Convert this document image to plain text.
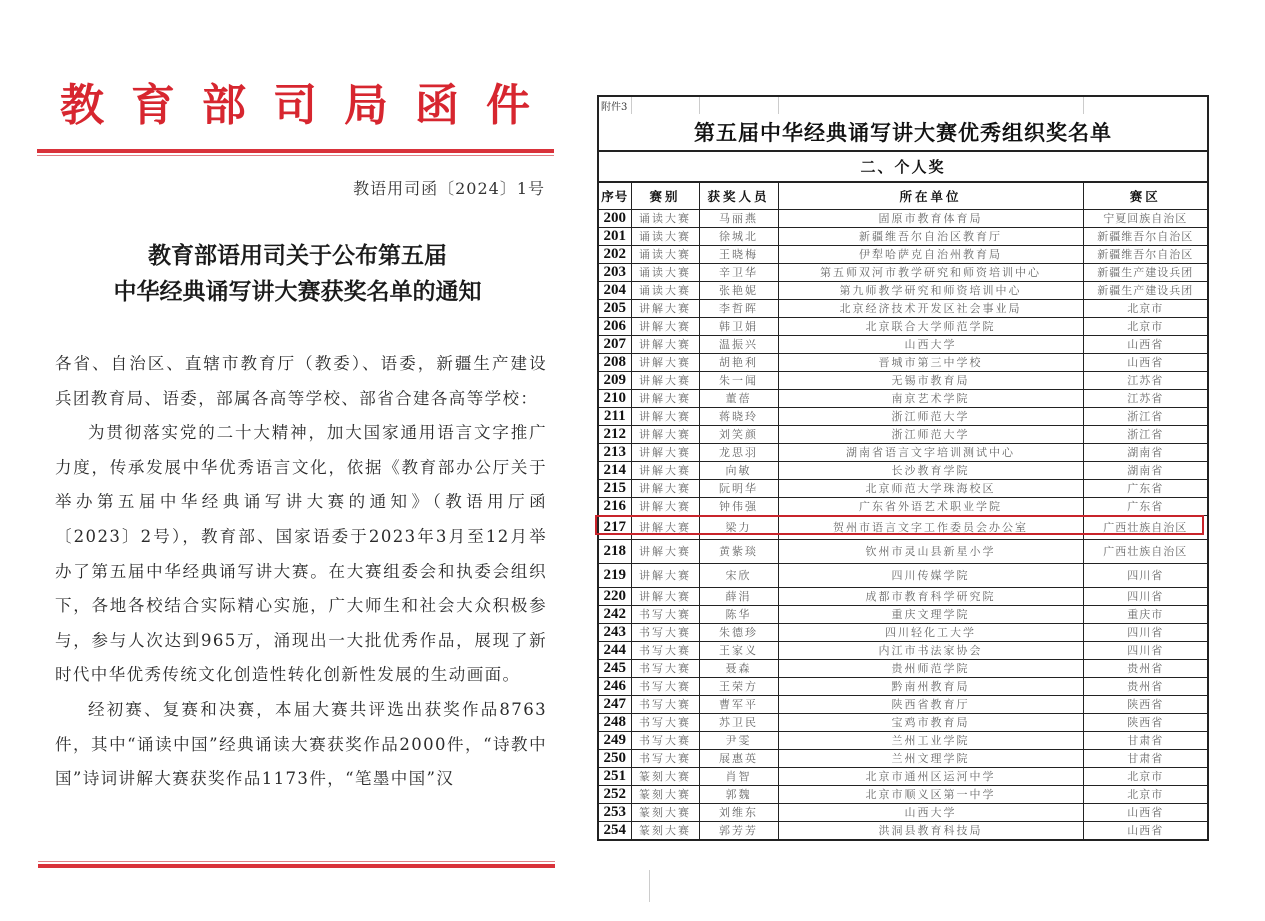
教育部司局函件
教语用司函〔2024〕1号
教育部语用司关于公布第五届
中华经典诵写讲大赛获奖名单的通知

各省、自治区、直辖市教育厅（教委）、语委，新疆生产建设兵团教育局、语委，部属各高等学校、部省合建各高等学校：

为贯彻落实党的二十大精神，加大国家通用语言文字推广力度，传承发展中华优秀语言文化，依据《教育部办公厅关于举办第五届中华经典诵写讲大赛的通知》（教语用厅函〔2023〕2号），教育部、国家语委于2023年3月至12月举办了第五届中华经典诵写讲大赛。在大赛组委会和执委会组织下，各地各校结合实际精心实施，广大师生和社会大众积极参与，参与人次达到965万，涌现出一大批优秀作品，展现了新时代中华优秀传统文化创造性转化创新性发展的生动画面。

经初赛、复赛和决赛，本届大赛共评选出获奖作品8763件，其中“诵读中国”经典诵读大赛获奖作品2000件，“诗教中国”诗词讲解大赛获奖作品1173件，“笔墨中国”汉

附件3				
第五届中华经典诵写讲大赛优秀组织奖名单				
二、个人奖				
序号	赛别	获奖人员	所在单位	赛区
200	诵读大赛	马丽燕	固原市教育体育局	宁夏回族自治区
201	诵读大赛	徐城北	新疆维吾尔自治区教育厅	新疆维吾尔自治区
202	诵读大赛	王晓梅	伊犁哈萨克自治州教育局	新疆维吾尔自治区
203	诵读大赛	辛卫华	第五师双河市教学研究和师资培训中心	新疆生产建设兵团
204	诵读大赛	张艳妮	第九师教学研究和师资培训中心	新疆生产建设兵团
205	讲解大赛	李哲晖	北京经济技术开发区社会事业局	北京市
206	讲解大赛	韩卫娟	北京联合大学师范学院	北京市
207	讲解大赛	温振兴	山西大学	山西省
208	讲解大赛	胡艳利	晋城市第三中学校	山西省
209	讲解大赛	朱一闻	无锡市教育局	江苏省
210	讲解大赛	董蓓	南京艺术学院	江苏省
211	讲解大赛	蒋晓玲	浙江师范大学	浙江省
212	讲解大赛	刘笑颜	浙江师范大学	浙江省
213	讲解大赛	龙思羽	湖南省语言文字培训测试中心	湖南省
214	讲解大赛	向敏	长沙教育学院	湖南省
215	讲解大赛	阮明华	北京师范大学珠海校区	广东省
216	讲解大赛	钟伟强	广东省外语艺术职业学院	广东省
217	讲解大赛	梁力	贺州市语言文字工作委员会办公室	广西壮族自治区
218	讲解大赛	黄紫琰	钦州市灵山县新星小学	广西壮族自治区
219	讲解大赛	宋欣	四川传媒学院	四川省
220	讲解大赛	薛涓	成都市教育科学研究院	四川省
242	书写大赛	陈华	重庆文理学院	重庆市
243	书写大赛	朱德珍	四川轻化工大学	四川省
244	书写大赛	王家义	内江市书法家协会	四川省
245	书写大赛	聂森	贵州师范学院	贵州省
246	书写大赛	王荣方	黔南州教育局	贵州省
247	书写大赛	曹军平	陕西省教育厅	陕西省
248	书写大赛	苏卫民	宝鸡市教育局	陕西省
249	书写大赛	尹雯	兰州工业学院	甘肃省
250	书写大赛	展惠英	兰州文理学院	甘肃省
251	篆刻大赛	肖智	北京市通州区运河中学	北京市
252	篆刻大赛	郭魏	北京市顺义区第一中学	北京市
253	篆刻大赛	刘维东	山西大学	山西省
254	篆刻大赛	郭芳芳	洪洞县教育科技局	山西省
